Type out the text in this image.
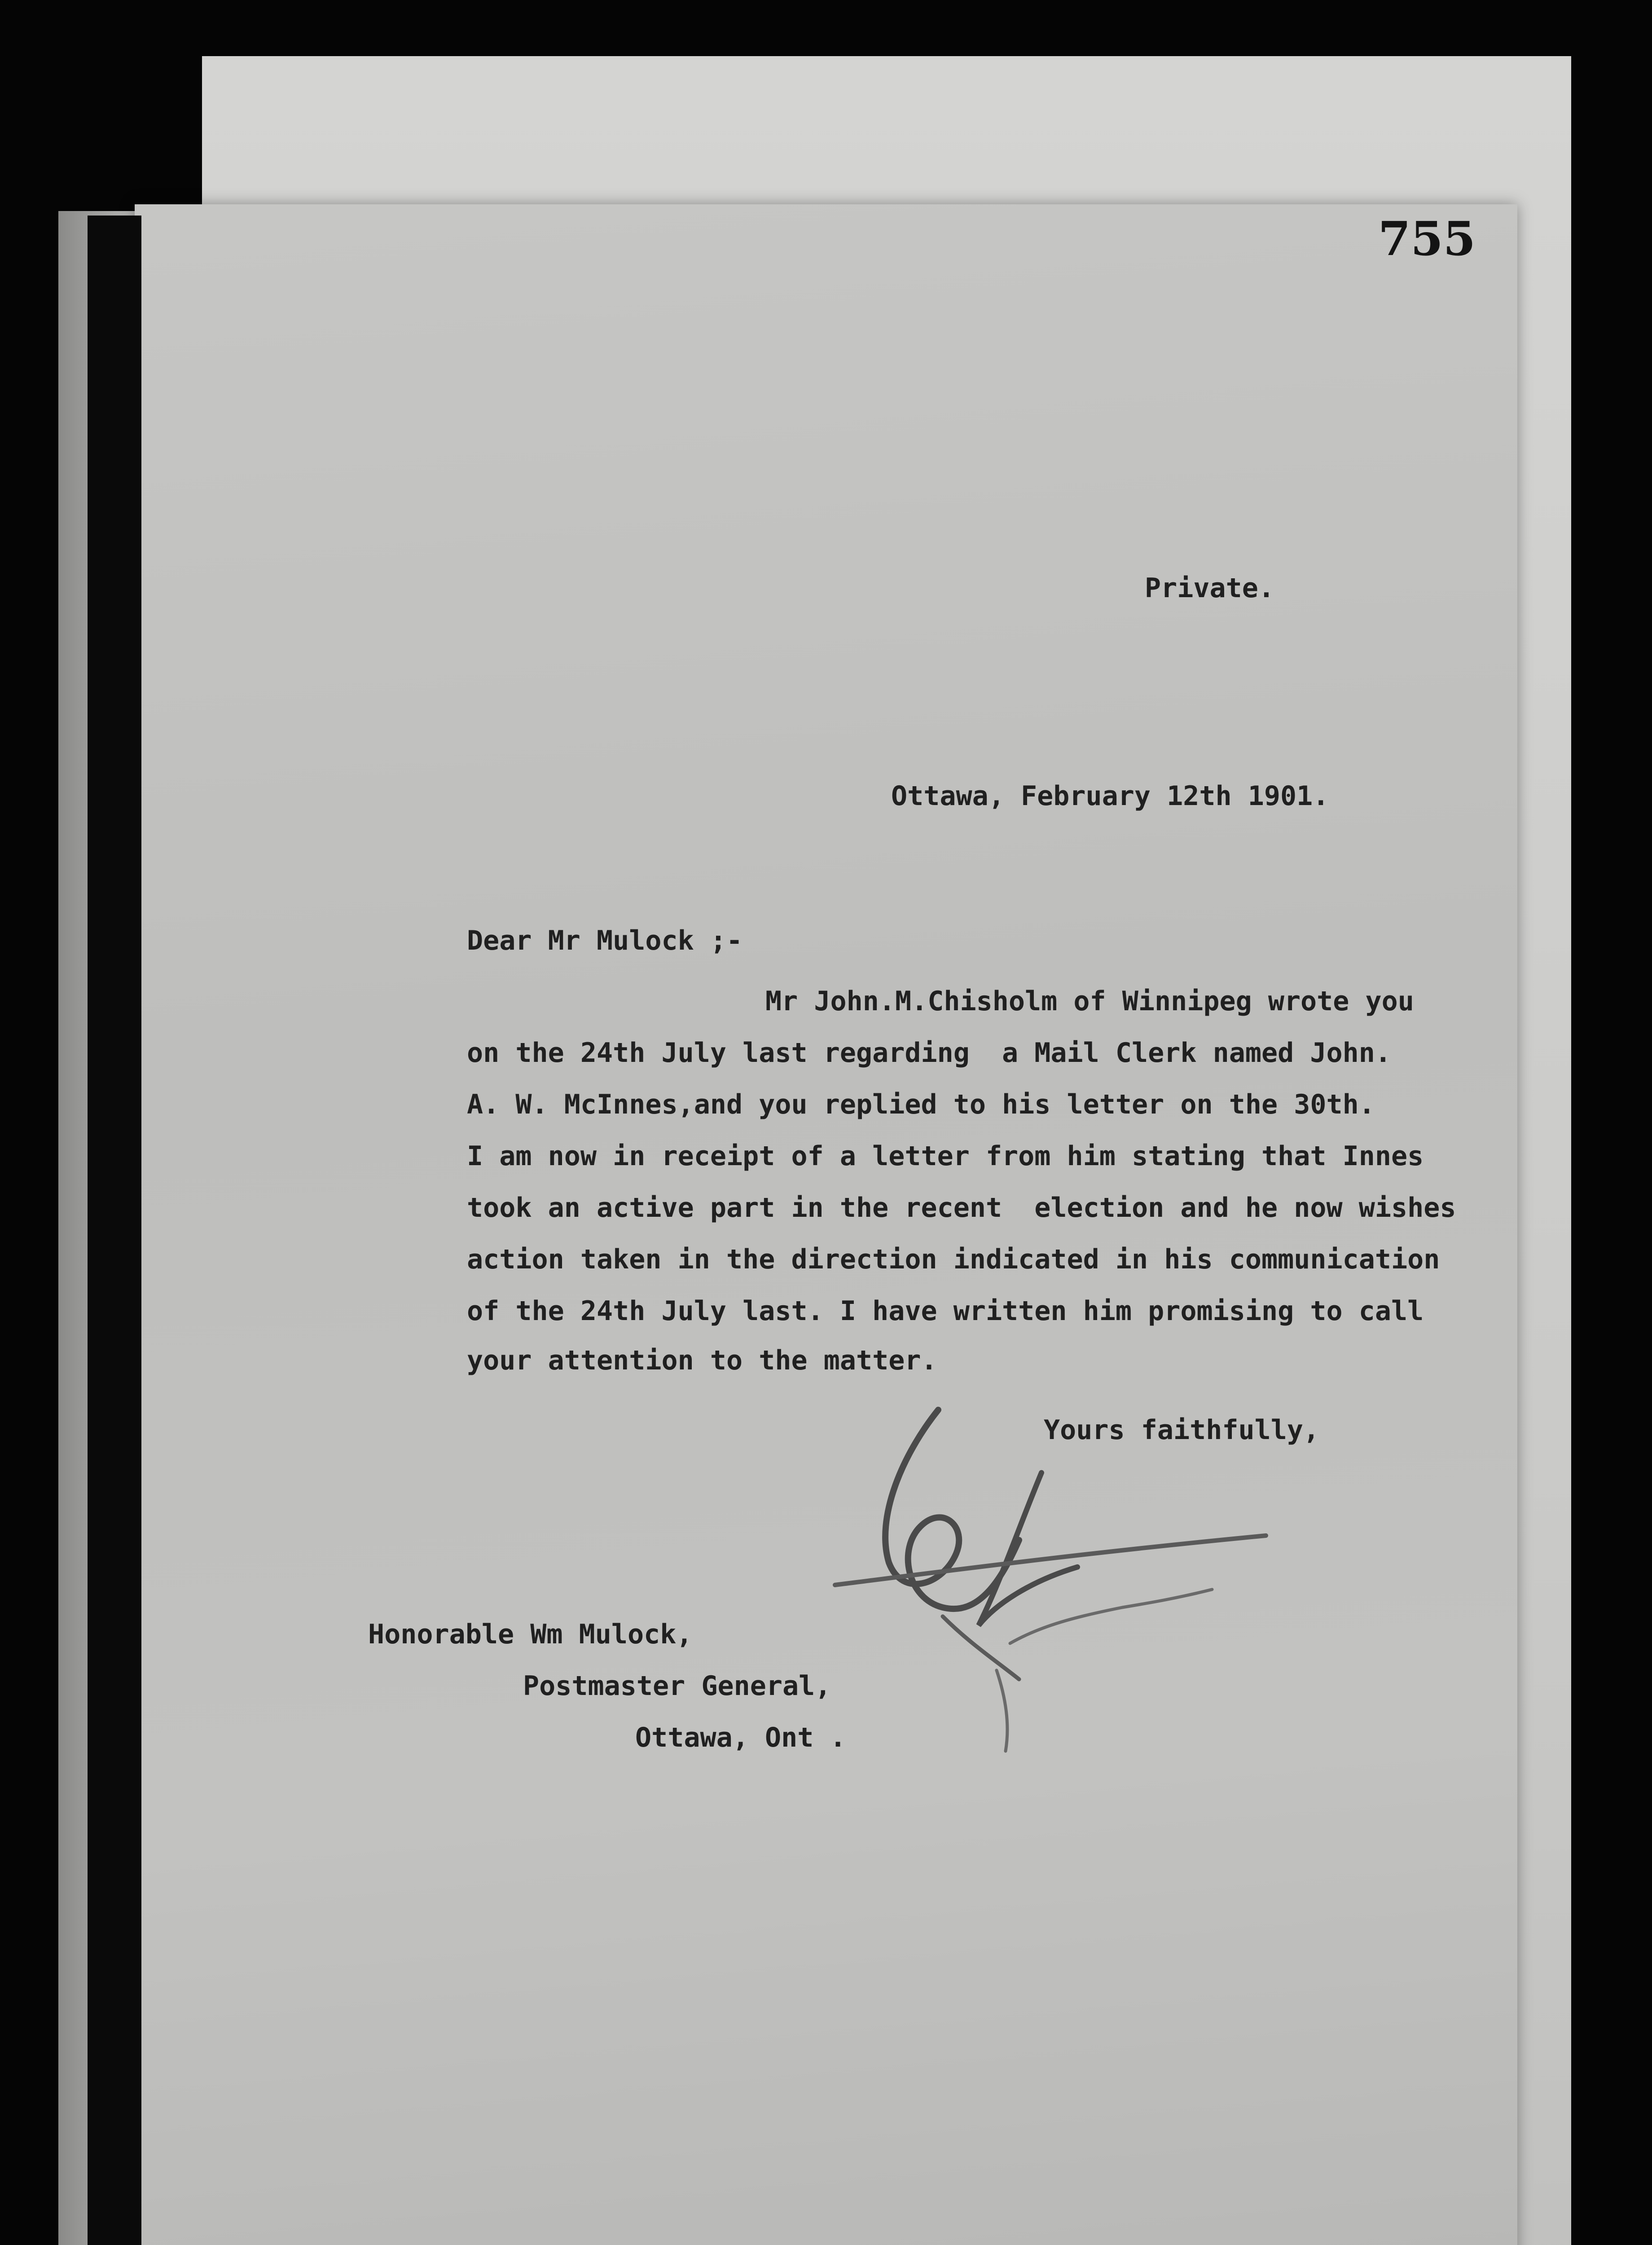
755
Private.
Ottawa, February 12th 1901.
Dear Mr Mulock ;-
Mr John.M.Chisholm of Winnipeg wrote you
on the 24th July last regarding  a Mail Clerk named John.
A. W. McInnes,and you replied to his letter on the 30th.
I am now in receipt of a letter from him stating that Innes
took an active part in the recent  election and he now wishes
action taken in the direction indicated in his communication
of the 24th July last. I have written him promising to call
your attention to the matter.
Yours faithfully,
Honorable Wm Mulock,
Postmaster General,
Ottawa, Ont .
